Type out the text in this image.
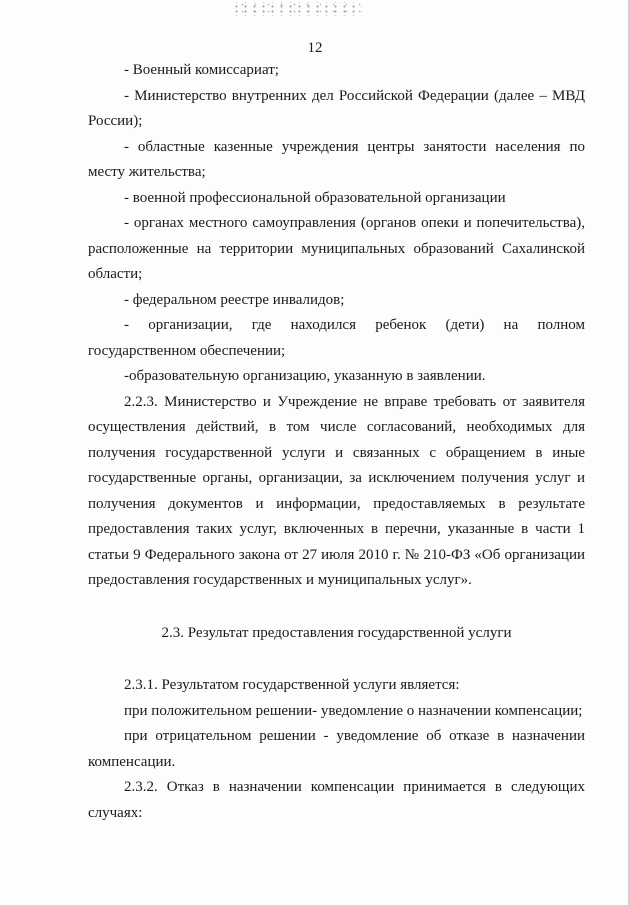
12

- Военный комиссариат;

- Министерство внутренних дел Российской Федерации (далее – МВД России);

- областные казенные учреждения центры занятости населения по месту жительства;

- военной профессиональной образовательной организации

- органах местного самоуправления (органов опеки и попечительства), расположенные на территории муниципальных образований Сахалинской области;

- федеральном реестре инвалидов;

- организации, где находился ребенок (дети) на полном государственном обеспечении;

-образовательную организацию, указанную в заявлении.

2.2.3. Министерство и Учреждение не вправе требовать от заявителя осуществления действий, в том числе согласований, необходимых для получения государственной услуги и связанных с обращением в иные государственные органы, организации, за исключением получения услуг и получения документов и информации, предоставляемых в результате предоставления таких услуг, включенных в перечни, указанные в части 1 статьи 9 Федерального закона от 27 июля 2010 г. № 210-ФЗ «Об организации предоставления государственных и муниципальных услуг».

2.3. Результат предоставления государственной услуги

2.3.1. Результатом государственной услуги является:

при положительном решении- уведомление о назначении компенсации;

при отрицательном решении - уведомление об отказе в назначении компенсации.

2.3.2. Отказ в назначении компенсации принимается в следующих случаях:
